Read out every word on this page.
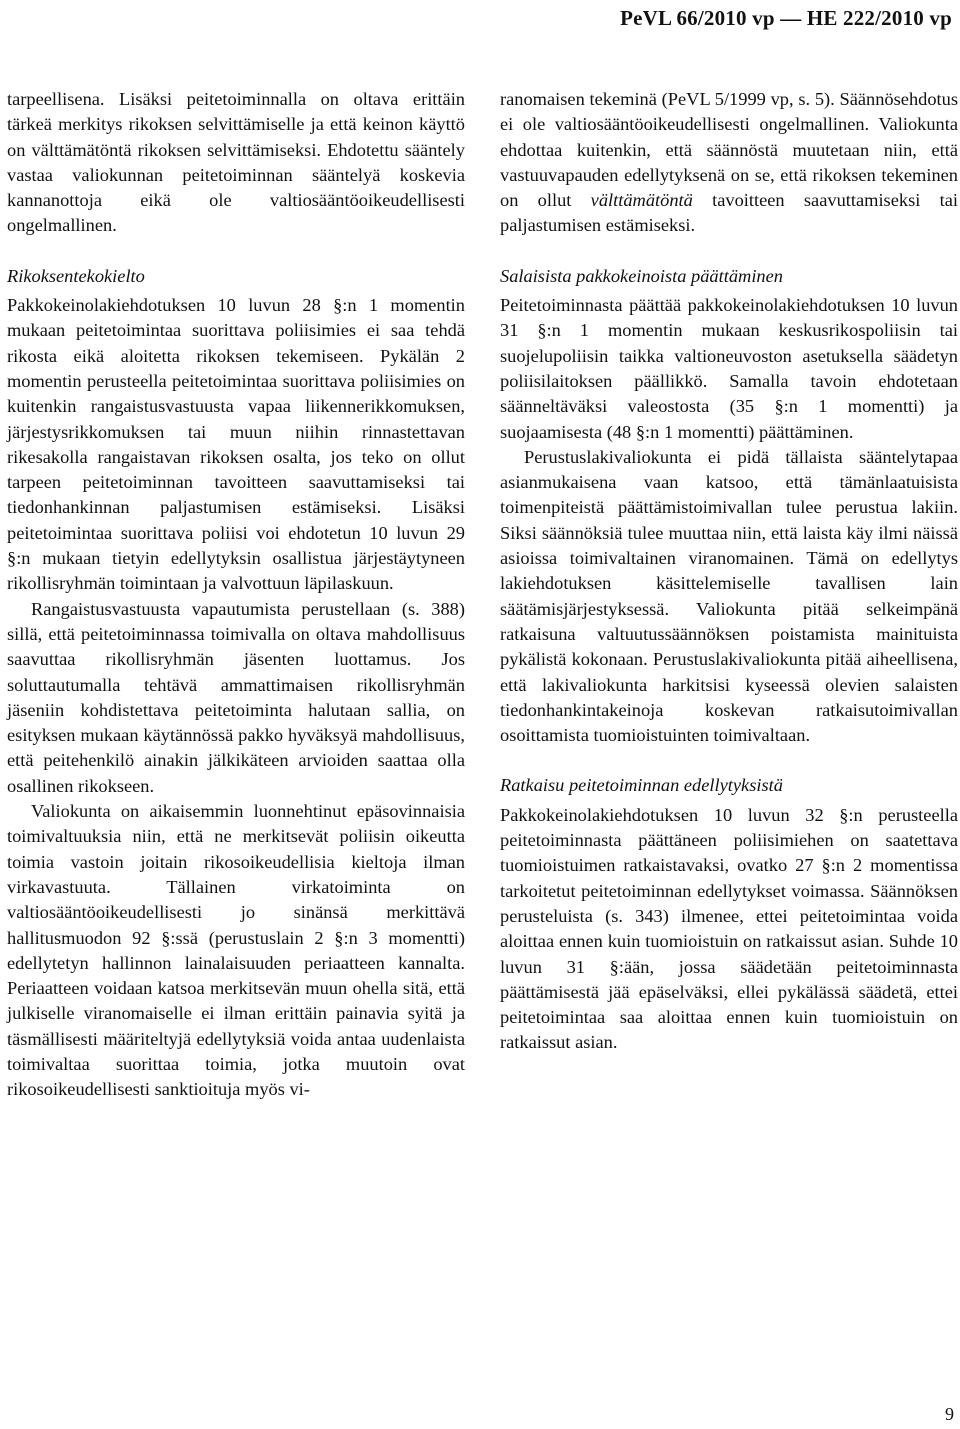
PeVL 66/2010 vp — HE 222/2010 vp

tarpeellisena. Lisäksi peitetoiminnalla on oltava erittäin tärkeä merkitys rikoksen selvittämiselle ja että keinon käyttö on välttämätöntä rikoksen selvittämiseksi. Ehdotettu sääntely vastaa valiokunnan peitetoiminnan sääntelyä koskevia kannanottoja eikä ole valtiosääntöoikeudellisesti ongelmallinen.

Rikoksentekokielto

Pakkokeinolakiehdotuksen 10 luvun 28 §:n 1 momentin mukaan peitetoimintaa suorittava poliisimies ei saa tehdä rikosta eikä aloitetta rikoksen tekemiseen. Pykälän 2 momentin perusteella peitetoimintaa suorittava poliisimies on kuitenkin rangaistusvastuusta vapaa liikennerikkomuksen, järjestysrikkomuksen tai muun niihin rinnastettavan rikesakolla rangaistavan rikoksen osalta, jos teko on ollut tarpeen peitetoiminnan tavoitteen saavuttamiseksi tai tiedonhankinnan paljastumisen estämiseksi. Lisäksi peitetoimintaa suorittava poliisi voi ehdotetun 10 luvun 29 §:n mukaan tietyin edellytyksin osallistua järjestäytyneen rikollisryhmän toimintaan ja valvottuun läpilaskuun.

Rangaistusvastuusta vapautumista perustellaan (s. 388) sillä, että peitetoiminnassa toimivalla on oltava mahdollisuus saavuttaa rikollisryhmän jäsenten luottamus. Jos soluttautumalla tehtävä ammattimaisen rikollisryhmän jäseniin kohdistettava peitetoiminta halutaan sallia, on esityksen mukaan käytännössä pakko hyväksyä mahdollisuus, että peitehenkilö ainakin jälkikäteen arvioiden saattaa olla osallinen rikokseen.

Valiokunta on aikaisemmin luonnehtinut epäsovinnaisia toimivaltuuksia niin, että ne merkitsevät poliisin oikeutta toimia vastoin joitain rikosoikeudellisia kieltoja ilman virkavastuuta. Tällainen virkatoiminta on valtiosääntöoikeudellisesti jo sinänsä merkittävä hallitusmuodon 92 §:ssä (perustuslain 2 §:n 3 momentti) edellytetyn hallinnon lainalaisuuden periaatteen kannalta. Periaatteen voidaan katsoa merkitsevän muun ohella sitä, että julkiselle viranomaiselle ei ilman erittäin painavia syitä ja täsmällisesti määriteltyjä edellytyksiä voida antaa uudenlaista toimivaltaa suorittaa toimia, jotka muutoin ovat rikosoikeudellisesti sanktioituja myös vi-

ranomaisen tekeminä (PeVL 5/1999 vp, s. 5). Säännösehdotus ei ole valtiosääntöoikeudellisesti ongelmallinen. Valiokunta ehdottaa kuitenkin, että säännöstä muutetaan niin, että vastuuvapauden edellytyksenä on se, että rikoksen tekeminen on ollut välttämätöntä tavoitteen saavuttamiseksi tai paljastumisen estämiseksi.

Salaisista pakkokeinoista päättäminen

Peitetoiminnasta päättää pakkokeinolakiehdotuksen 10 luvun 31 §:n 1 momentin mukaan keskusrikospoliisin tai suojelupoliisin taikka valtioneuvoston asetuksella säädetyn poliisilaitoksen päällikkö. Samalla tavoin ehdotetaan säänneltäväksi valeostosta (35 §:n 1 momentti) ja suojaamisesta (48 §:n 1 momentti) päättäminen.

Perustuslakivaliokunta ei pidä tällaista sääntelytapaa asianmukaisena vaan katsoo, että tämänlaatuisista toimenpiteistä päättämistoimivallan tulee perustua lakiin. Siksi säännöksiä tulee muuttaa niin, että laista käy ilmi näissä asioissa toimivaltainen viranomainen. Tämä on edellytys lakiehdotuksen käsittelemiselle tavallisen lain säätämisjärjestyksessä. Valiokunta pitää selkeimpänä ratkaisuna valtuutussäännöksen poistamista mainituista pykälistä kokonaan. Perustuslakivaliokunta pitää aiheellisena, että lakivaliokunta harkitsisi kyseessä olevien salaisten tiedonhankintakeinoja koskevan ratkaisutoimivallan osoittamista tuomioistuinten toimivaltaan.

Ratkaisu peitetoiminnan edellytyksistä

Pakkokeinolakiehdotuksen 10 luvun 32 §:n perusteella peitetoiminnasta päättäneen poliisimiehen on saatettava tuomioistuimen ratkaistavaksi, ovatko 27 §:n 2 momentissa tarkoitetut peitetoiminnan edellytykset voimassa. Säännöksen perusteluista (s. 343) ilmenee, ettei peitetoimintaa voida aloittaa ennen kuin tuomioistuin on ratkaissut asian. Suhde 10 luvun 31 §:ään, jossa säädetään peitetoiminnasta päättämisestä jää epäselväksi, ellei pykälässä säädetä, ettei peitetoimintaa saa aloittaa ennen kuin tuomioistuin on ratkaissut asian.

9
